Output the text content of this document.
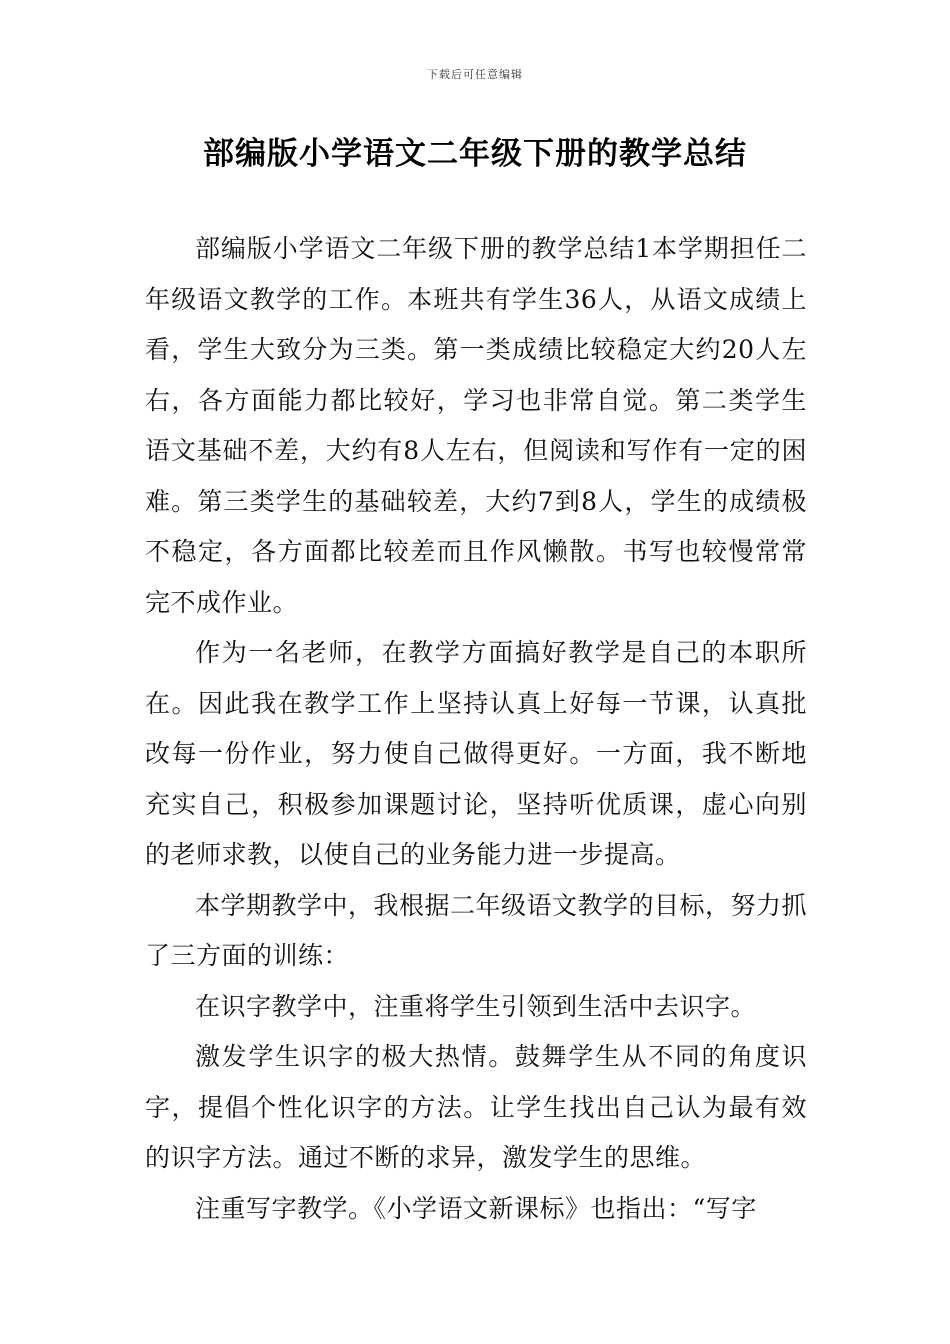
下载后可任意编辑
部编版小学语文二年级下册的教学总结

部编版小学语文二年级下册的教学总结1本学期担任二年级语文教学的工作。本班共有学生36人，从语文成绩上看，学生大致分为三类。第一类成绩比较稳定大约20人左右，各方面能力都比较好，学习也非常自觉。第二类学生语文基础不差，大约有8人左右，但阅读和写作有一定的困难。第三类学生的基础较差，大约7到8人，学生的成绩极不稳定，各方面都比较差而且作风懒散。书写也较慢常常完不成作业。

作为一名老师，在教学方面搞好教学是自己的本职所在。因此我在教学工作上坚持认真上好每一节课，认真批改每一份作业，努力使自己做得更好。一方面，我不断地充实自己，积极参加课题讨论，坚持听优质课，虚心向别的老师求教，以使自己的业务能力进一步提高。

本学期教学中，我根据二年级语文教学的目标，努力抓了三方面的训练：

在识字教学中，注重将学生引领到生活中去识字。

激发学生识字的极大热情。鼓舞学生从不同的角度识字，提倡个性化识字的方法。让学生找出自己认为最有效的识字方法。通过不断的求异，激发学生的思维。

注重写字教学。《小学语文新课标》也指出：“写字
